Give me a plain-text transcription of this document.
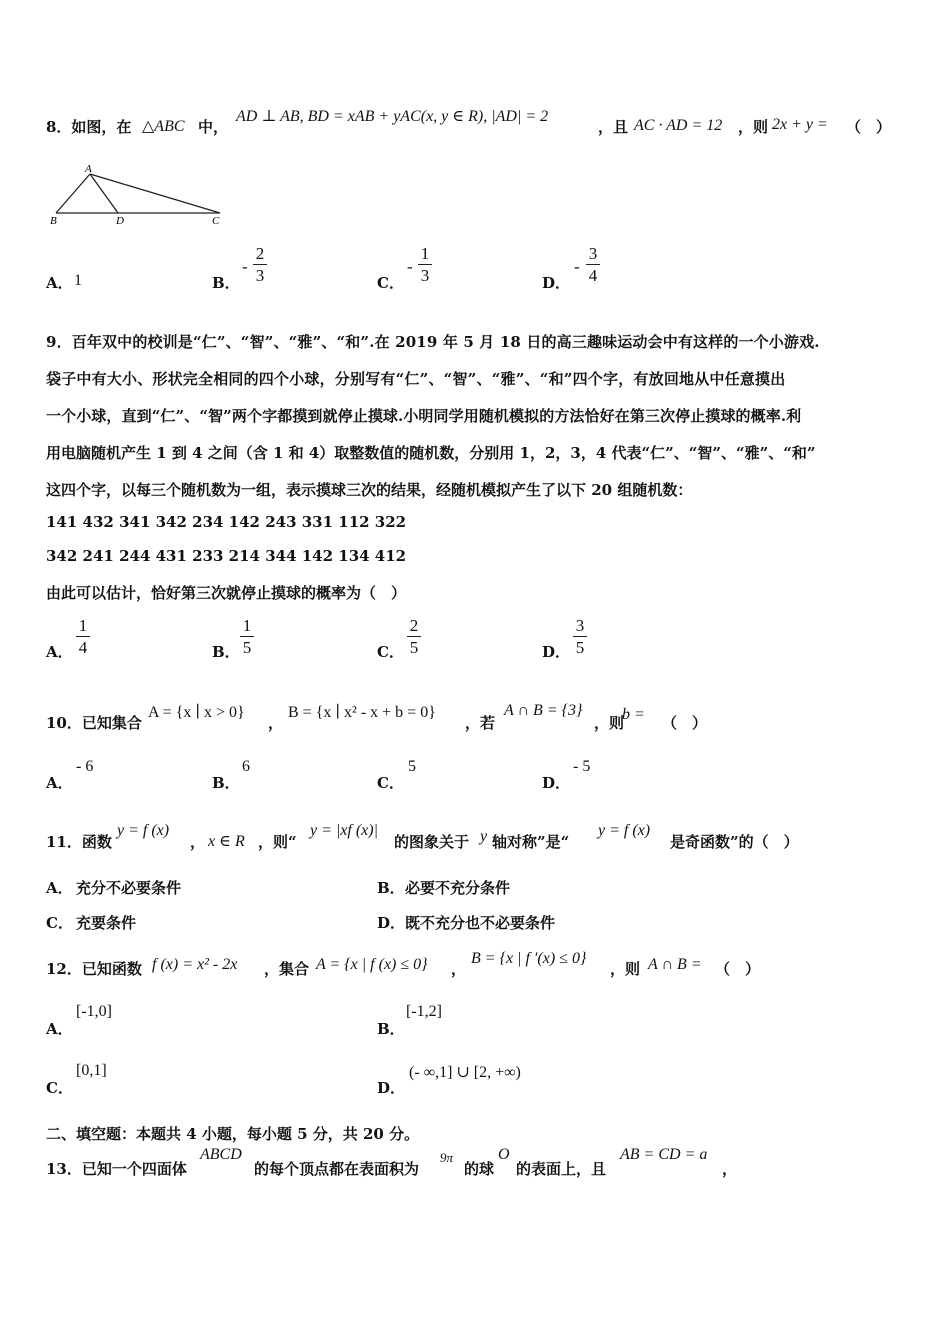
8．如图，在 △ABC 中，
AD ⊥ AB, BD = xAB + yAC(x, y ∈ R), |AD| = 2
，且 AC · AD = 12 ，则 2x + y = （　）
A
B	D	C
A． 1	B．
-
2
3	C．
-
1
3	D．
-
3
4
9．百年双中的校训是“仁”、“智”、“雅”、“和”.在 2019 年 5 月 18 日的高三趣味运动会中有这样的一个小游戏.
袋子中有大小、形状完全相同的四个小球，分别写有“仁”、“智”、“雅”、“和”四个字，有放回地从中任意摸出
一个小球，直到“仁”、“智”两个字都摸到就停止摸球.小明同学用随机模拟的方法恰好在第三次停止摸球的概率.利
用电脑随机产生 1 到 4 之间（含 1 和 4）取整数值的随机数，分别用 1，2，3，4 代表“仁”、“智”、“雅”、“和”
这四个字，以每三个随机数为一组，表示摸球三次的结果，经随机模拟产生了以下 20 组随机数：
141 432 341 342 234 142 243 331 112 322
342 241 244 431 233 214 344 142 134 412
由此可以估计，恰好第三次就停止摸球的概率为（　）
A．
1
4	B．
1
5	C．
2
5	D．
3
5
10．已知集合
A = {x ∣ x > 0}
，
B = {x ∣ x² - x + b = 0}
，若
A ∩ B = {3}
，则
b = （　）
A．
- 6
B．
6
C．
5
D．
- 5
11．函数
y = f (x)
， x ∈ R ，则“
y = |xf (x)|
的图象关于 y 轴对称”是“
y = f (x)
是奇函数”的（　）
A． 充分不必要条件	B． 必要不充分条件
C． 充要条件	D． 既不充分也不必要条件
12．已知函数 f (x) = x² - 2x ，集合 A = {x | f (x) ≤ 0} ，
B = {x | f ′(x) ≤ 0}
，则 A ∩ B = （　）
A．
[-1,0]
B．
[-1,2]
C．
[0,1]
D．
(- ∞,1] ∪ [2, +∞)
二、填空题：本题共 4 小题，每小题 5 分，共 20 分。
13．已知一个四面体
ABCD
的每个顶点都在表面积为
9π
的球
O
的表面上，且
AB = CD = a
，
